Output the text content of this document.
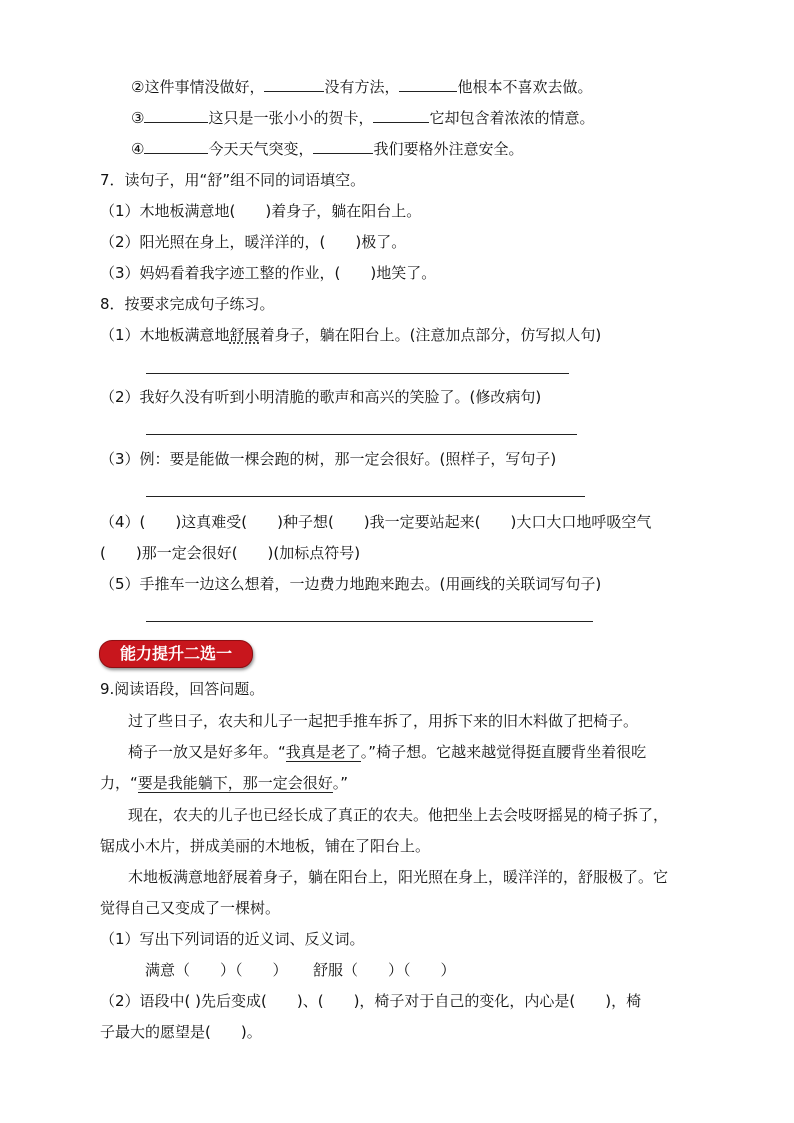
②这件事情没做好，	没有方法，	他根本不喜欢去做。
③	这只是一张小小的贺卡，	它却包含着浓浓的情意。
④	今天天气突变，	我们要格外注意安全。
7．读句子，用“舒”组不同的词语填空。
（1）木地板满意地(　　)着身子，躺在阳台上。
（2）阳光照在身上，暖洋洋的，(　　)极了。
（3）妈妈看着我字迹工整的作业，(　　)地笑了。
8．按要求完成句子练习。
（1）木地板满意地舒展着身子，躺在阳台上。(注意加点部分，仿写拟人句)
（2）我好久没有听到小明清脆的歌声和高兴的笑脸了。(修改病句)
（3）例：要是能做一棵会跑的树，那一定会很好。(照样子，写句子)
（4）(　　)这真难受(　　)种子想(　　)我一定要站起来(　　)大口大口地呼吸空气
(　　)那一定会很好(　　)(加标点符号)
（5）手推车一边这么想着，一边费力地跑来跑去。(用画线的关联词写句子)
能力提升二选一
9.阅读语段，回答问题。
过了些日子，农夫和儿子一起把手推车拆了，用拆下来的旧木料做了把椅子。
椅子一放又是好多年。“我真是老了。”椅子想。它越来越觉得挺直腰背坐着很吃
力，“要是我能躺下，那一定会很好。”
现在，农夫的儿子也已经长成了真正的农夫。他把坐上去会吱呀摇晃的椅子拆了，
锯成小木片，拼成美丽的木地板，铺在了阳台上。
木地板满意地舒展着身子，躺在阳台上，阳光照在身上，暖洋洋的，舒服极了。它
觉得自己又变成了一棵树。
（1）写出下列词语的近义词、反义词。
满意（　　）（　　） 舒服（　　）（　　）
（2）语段中( )先后变成(　　)、(　　)，椅子对于自己的变化，内心是(　　)，椅
子最大的愿望是(　　)。
